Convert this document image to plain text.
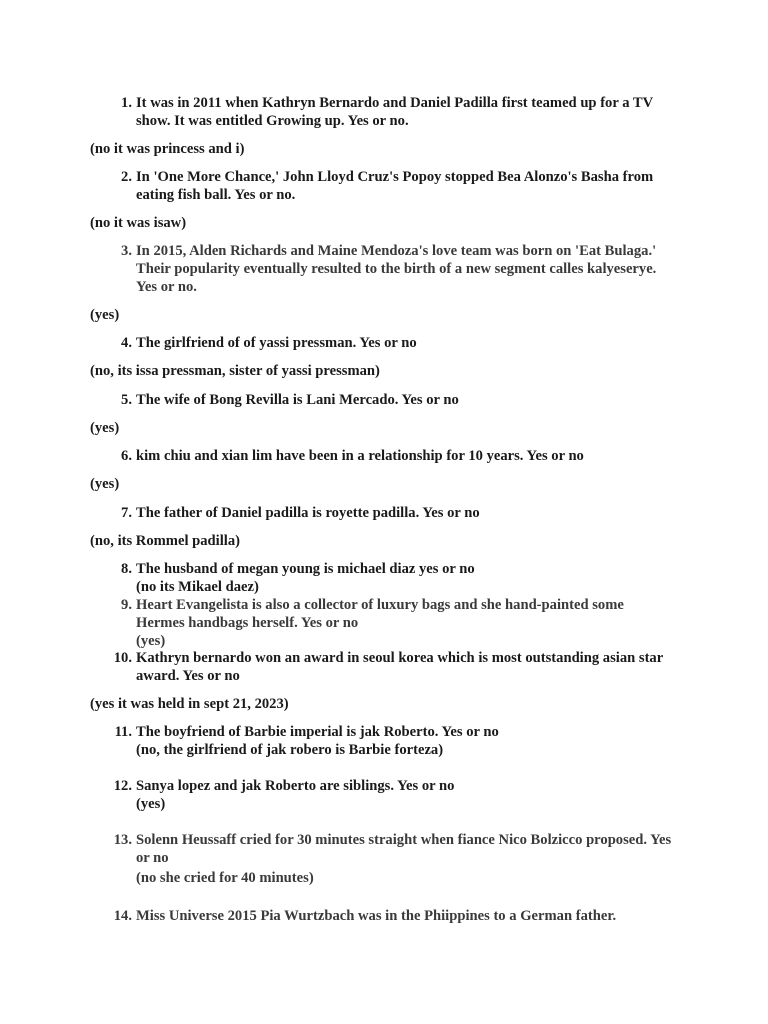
1. It was in 2011 when Kathryn Bernardo and Daniel Padilla first teamed up for a TV show. It was entitled Growing up. Yes or no.
(no it was princess and i)
2. In 'One More Chance,' John Lloyd Cruz's Popoy stopped Bea Alonzo's Basha from eating fish ball. Yes or no.
(no it was isaw)
3. In 2015, Alden Richards and Maine Mendoza's love team was born on 'Eat Bulaga.' Their popularity eventually resulted to the birth of a new segment calles kalyeserye. Yes or no.
(yes)
4. The girlfriend of of yassi pressman. Yes or no
(no, its issa pressman, sister of yassi pressman)
5. The wife of Bong Revilla is Lani Mercado. Yes or no
(yes)
6. kim chiu and xian lim have been in a relationship for 10 years. Yes or no
(yes)
7. The father of Daniel padilla is royette padilla. Yes or no
(no, its Rommel padilla)
8. The husband of megan young is michael diaz yes or no
(no its Mikael daez)
9. Heart Evangelista is also a collector of luxury bags and she hand-painted some Hermes handbags herself. Yes or no
(yes)
10. Kathryn bernardo won an award in seoul korea which is most outstanding asian star award. Yes or no
(yes it was held in sept 21, 2023)
11. The boyfriend of Barbie imperial is jak Roberto. Yes or no
(no, the girlfriend of jak robero is Barbie forteza)
12. Sanya lopez and jak Roberto are siblings. Yes or no
(yes)
13. Solenn Heussaff cried for 30 minutes straight when fiance Nico Bolzicco proposed. Yes or no
(no she cried for 40 minutes)
14. Miss Universe 2015 Pia Wurtzbach was in the Phiippines to a German father.
